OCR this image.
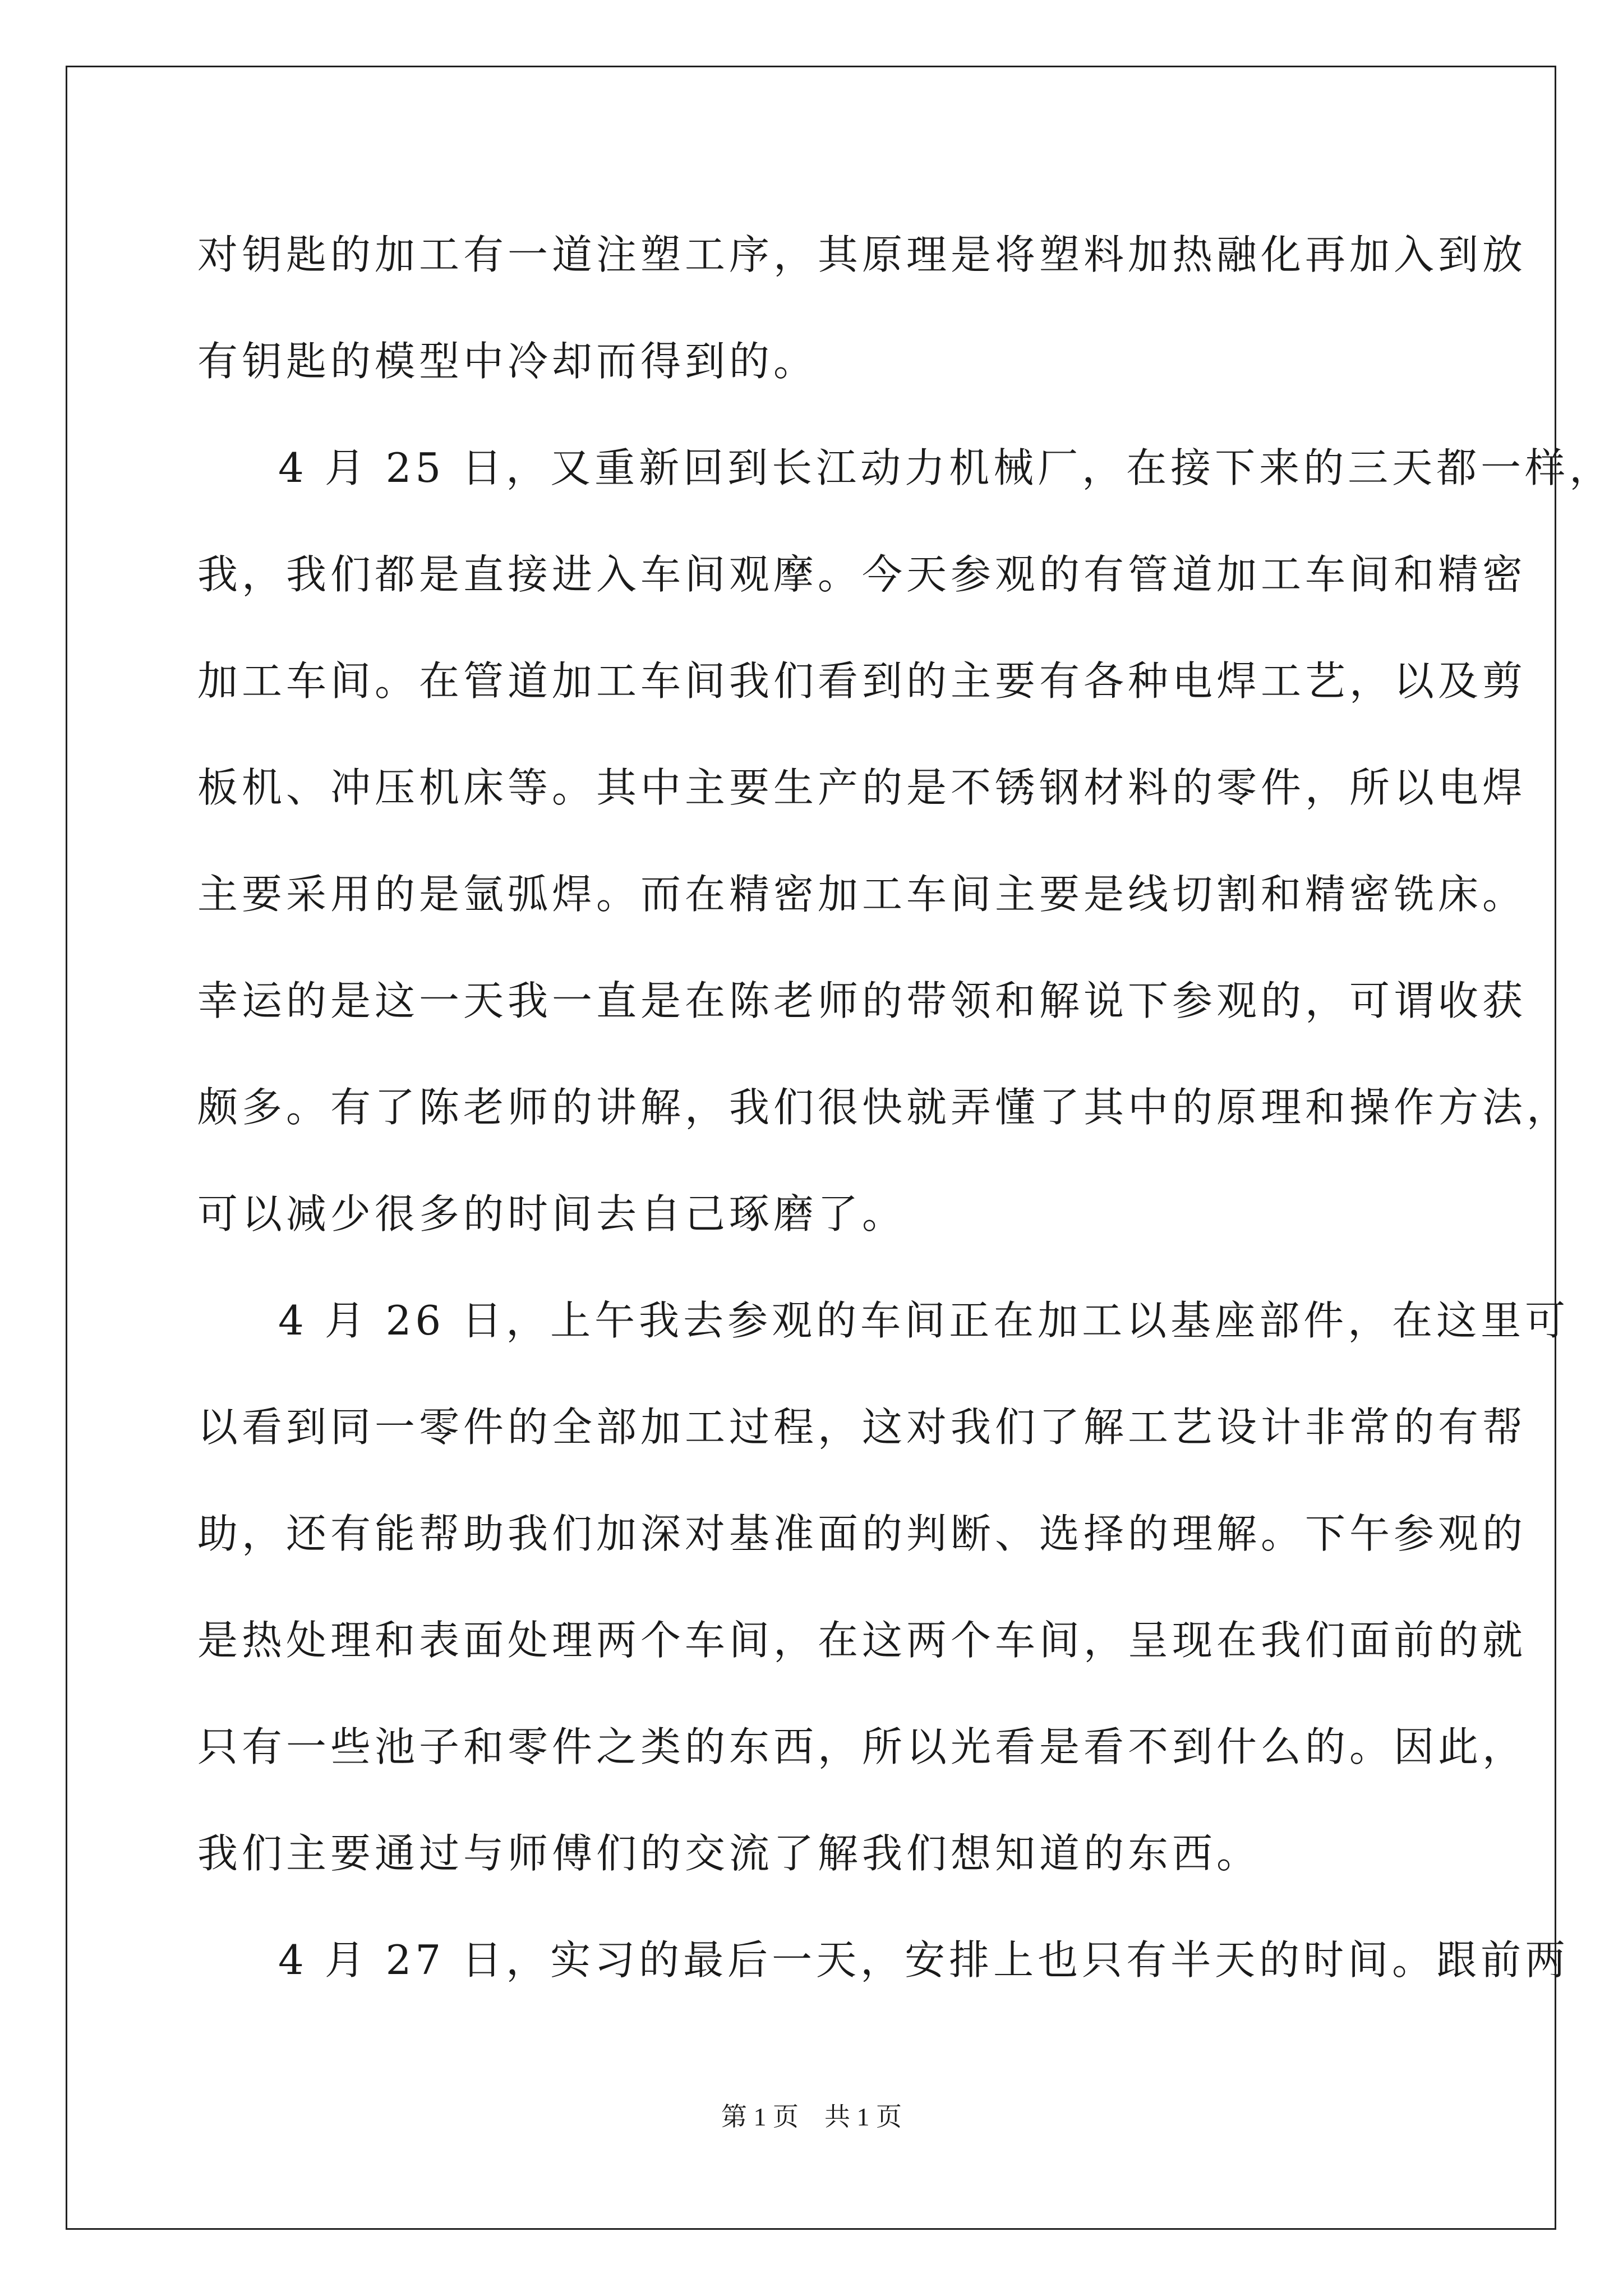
对钥匙的加工有一道注塑工序，其原理是将塑料加热融化再加入到放
有钥匙的模型中冷却而得到的。
4 月 25 日，又重新回到长江动力机械厂，在接下来的三天都一样，
我，我们都是直接进入车间观摩。今天参观的有管道加工车间和精密
加工车间。在管道加工车间我们看到的主要有各种电焊工艺，以及剪
板机、冲压机床等。其中主要生产的是不锈钢材料的零件，所以电焊
主要采用的是氩弧焊。而在精密加工车间主要是线切割和精密铣床。
幸运的是这一天我一直是在陈老师的带领和解说下参观的，可谓收获
颇多。有了陈老师的讲解，我们很快就弄懂了其中的原理和操作方法，
可以减少很多的时间去自己琢磨了。
4 月 26 日，上午我去参观的车间正在加工以基座部件，在这里可
以看到同一零件的全部加工过程，这对我们了解工艺设计非常的有帮
助，还有能帮助我们加深对基准面的判断、选择的理解。下午参观的
是热处理和表面处理两个车间，在这两个车间，呈现在我们面前的就
只有一些池子和零件之类的东西，所以光看是看不到什么的。因此，
我们主要通过与师傅们的交流了解我们想知道的东西。
4 月 27 日，实习的最后一天，安排上也只有半天的时间。跟前两
第 1 页    共 1 页
